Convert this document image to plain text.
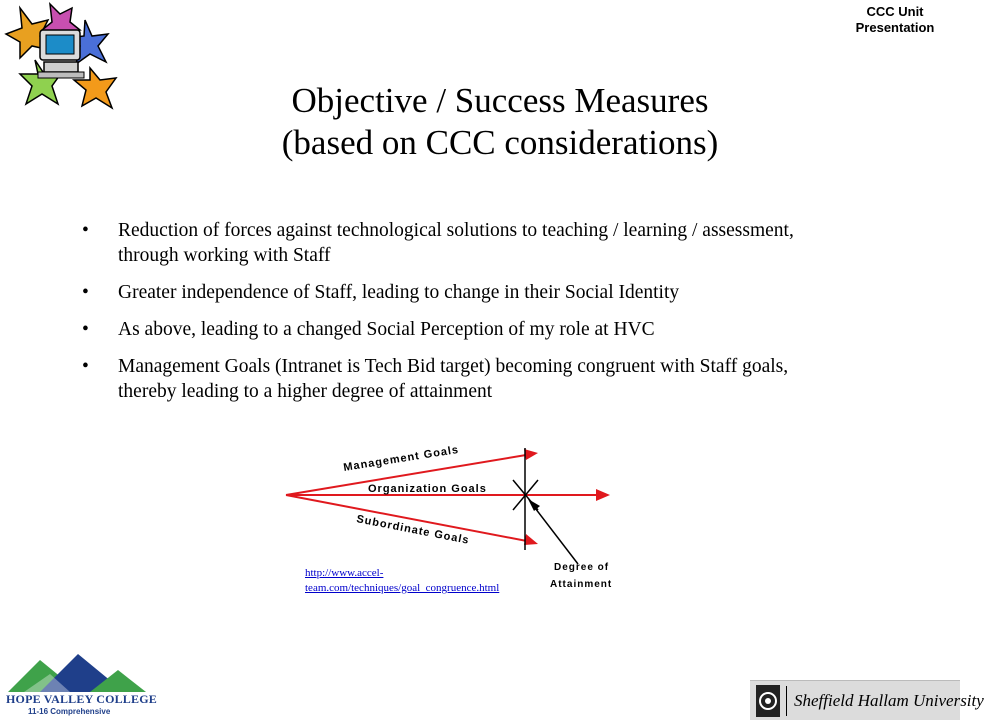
CCC Unit
Presentation
Objective / Success Measures
(based on CCC considerations)
• Reduction of forces against technological solutions to teaching / learning / assessment, through working with Staff
• Greater independence of Staff, leading to change in their Social Identity
• As above, leading to a changed Social Perception of my role at HVC
• Management Goals (Intranet is Tech Bid target) becoming congruent with Staff goals, thereby leading to a higher degree of attainment
Management Goals
Organization Goals
Subordinate Goals
Degree of
Attainment
http://www.accel-
team.com/techniques/goal_congruence.html
HOPE VALLEY COLLEGE
11-16 Comprehensive
Sheffield Hallam University
